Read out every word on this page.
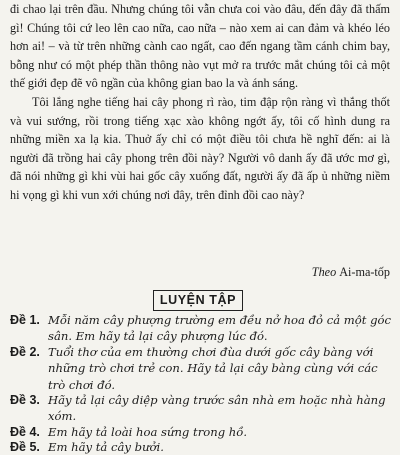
đi chao lại trên đầu. Nhưng chúng tôi vẫn chưa coi vào đâu, đến đây đã thấm gì! Chúng tôi cứ leo lên cao nữa, cao nữa – nào xem ai can đảm và khéo léo hơn ai! – và từ trên những cành cao ngất, cao đến ngang tầm cánh chim bay, bỗng như có một phép thần thông nào vụt mở ra trước mắt chúng tôi cả một thế giới đẹp đẽ vô ngần của không gian bao la và ánh sáng.

Tôi lắng nghe tiếng hai cây phong rì rào, tim đập rộn ràng vì thắng thốt và vui sướng, rồi trong tiếng xạc xào không ngớt ấy, tôi cố hình dung ra những miền xa lạ kia. Thuở ấy chỉ có một điều tôi chưa hề nghĩ đến: ai là người đã trồng hai cây phong trên đồi này? Người vô danh ấy đã ước mơ gì, đã nói những gì khi vùi hai gốc cây xuống đất, người ấy đã ấp ủ những niềm hi vọng gì khi vun xới chúng nơi đây, trên đỉnh đồi cao này?

Theo Ai-ma-tốp
LUYỆN TẬP
Đề 1. Mỗi năm cây phượng trường em đều nở hoa đỏ cả một góc sân. Em hãy tả lại cây phượng lúc đó.
Đề 2. Tuổi thơ của em thường chơi đùa dưới gốc cây bàng với những trò chơi trẻ con. Hãy tả lại cây bàng cùng với các trò chơi đó.
Đề 3. Hãy tả lại cây diệp vàng trước sân nhà em hoặc nhà hàng xóm.
Đề 4. Em hãy tả loài hoa sứng trong hồ.
Đề 5. Em hãy tả cây bưởi.
